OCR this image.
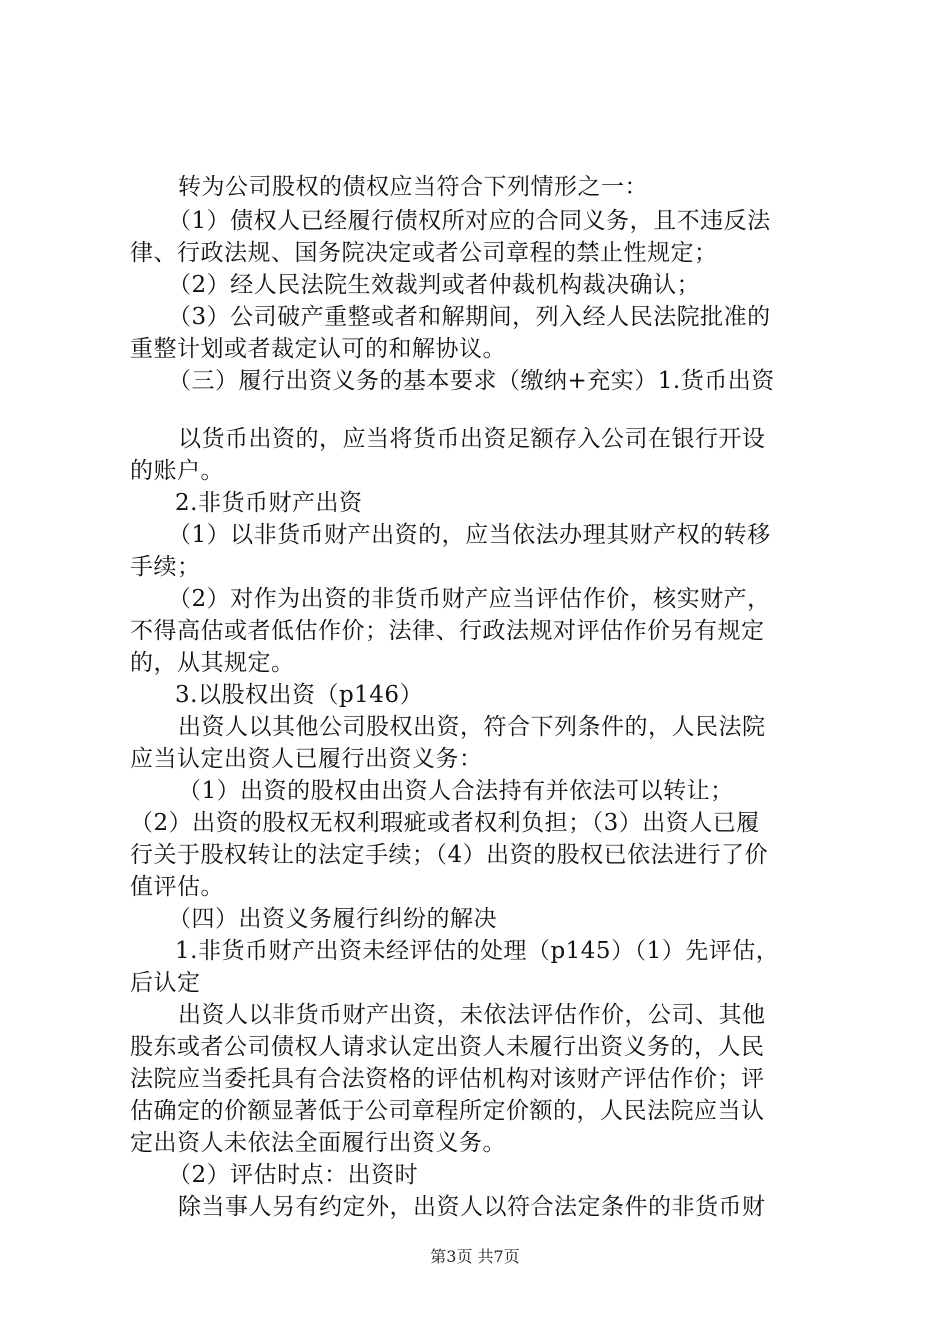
转为公司股权的债权应当符合下列情形之一：
（1）债权人已经履行债权所对应的合同义务，且不违反法
律、行政法规、国务院决定或者公司章程的禁止性规定；
（2）经人民法院生效裁判或者仲裁机构裁决确认；
（3）公司破产重整或者和解期间，列入经人民法院批准的
重整计划或者裁定认可的和解协议。
（三）履行出资义务的基本要求（缴纳+充实）1.货币出资
以货币出资的，应当将货币出资足额存入公司在银行开设
的账户。
2.非货币财产出资
（1）以非货币财产出资的，应当依法办理其财产权的转移
手续；
（2）对作为出资的非货币财产应当评估作价，核实财产，
不得高估或者低估作价；法律、行政法规对评估作价另有规定
的，从其规定。
3.以股权出资（p146）
出资人以其他公司股权出资，符合下列条件的，人民法院
应当认定出资人已履行出资义务：
（1）出资的股权由出资人合法持有并依法可以转让；
（2）出资的股权无权利瑕疵或者权利负担；（3）出资人已履
行关于股权转让的法定手续；（4）出资的股权已依法进行了价
值评估。
（四）出资义务履行纠纷的解决
1.非货币财产出资未经评估的处理（p145）（1）先评估，
后认定
出资人以非货币财产出资，未依法评估作价，公司、其他
股东或者公司债权人请求认定出资人未履行出资义务的，人民
法院应当委托具有合法资格的评估机构对该财产评估作价；评
估确定的价额显著低于公司章程所定价额的，人民法院应当认
定出资人未依法全面履行出资义务。
（2）评估时点：出资时
除当事人另有约定外，出资人以符合法定条件的非货币财
第3页 共7页
